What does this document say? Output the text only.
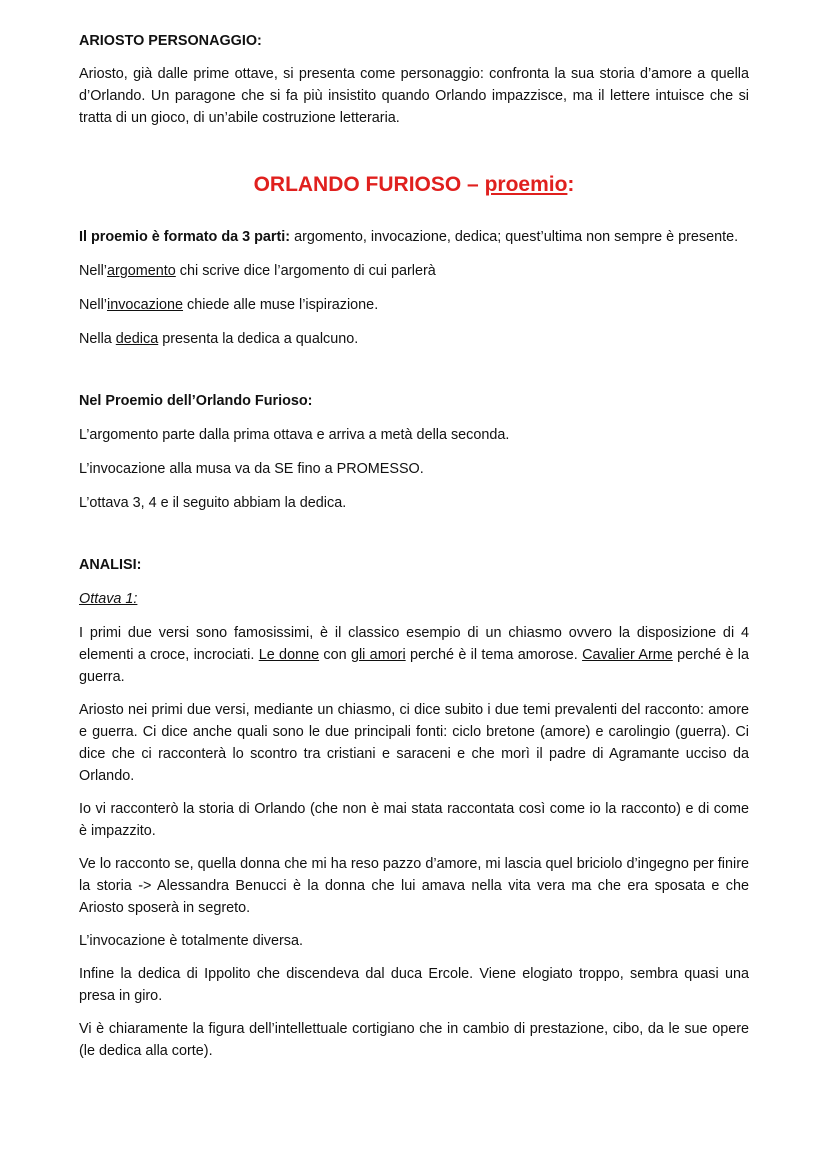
ARIOSTO PERSONAGGIO:

Ariosto, già dalle prime ottave, si presenta come personaggio: confronta la sua storia d’amore a quella d’Orlando. Un paragone che si fa più insistito quando Orlando impazzisce, ma il lettere intuisce che si tratta di un gioco, di un’abile costruzione letteraria.

ORLANDO FURIOSO – proemio:

Il proemio è formato da 3 parti: argomento, invocazione, dedica; quest’ultima non sempre è presente.

Nell’argomento chi scrive dice l’argomento di cui parlerà

Nell’invocazione chiede alle muse l’ispirazione.

Nella dedica presenta la dedica a qualcuno.

Nel Proemio dell’Orlando Furioso:

L’argomento parte dalla prima ottava e arriva a metà della seconda.

L’invocazione alla musa va da SE fino a PROMESSO.

L’ottava 3, 4 e il seguito abbiam la dedica.

ANALISI:

Ottava 1:

I primi due versi sono famosissimi, è il classico esempio di un chiasmo ovvero la disposizione di 4 elementi a croce, incrociati. Le donne con gli amori perché è il tema amorose. Cavalier Arme perché è la guerra.

Ariosto nei primi due versi, mediante un chiasmo, ci dice subito i due temi prevalenti del racconto: amore e guerra. Ci dice anche quali sono le due principali fonti: ciclo bretone (amore) e carolingio (guerra). Ci dice che ci racconterà lo scontro tra cristiani e saraceni e che morì il padre di Agramante ucciso da Orlando.

Io vi racconterò la storia di Orlando (che non è mai stata raccontata così come io la racconto) e di come è impazzito.

Ve lo racconto se, quella donna che mi ha reso pazzo d’amore, mi lascia quel briciolo d’ingegno per finire la storia -> Alessandra Benucci è la donna che lui amava nella vita vera ma che era sposata e che Ariosto sposerà in segreto.

L’invocazione è totalmente diversa.

Infine la dedica di Ippolito che discendeva dal duca Ercole. Viene elogiato troppo, sembra quasi una presa in giro.

Vi è chiaramente la figura dell’intellettuale cortigiano che in cambio di prestazione, cibo, da le sue opere (le dedica alla corte).
